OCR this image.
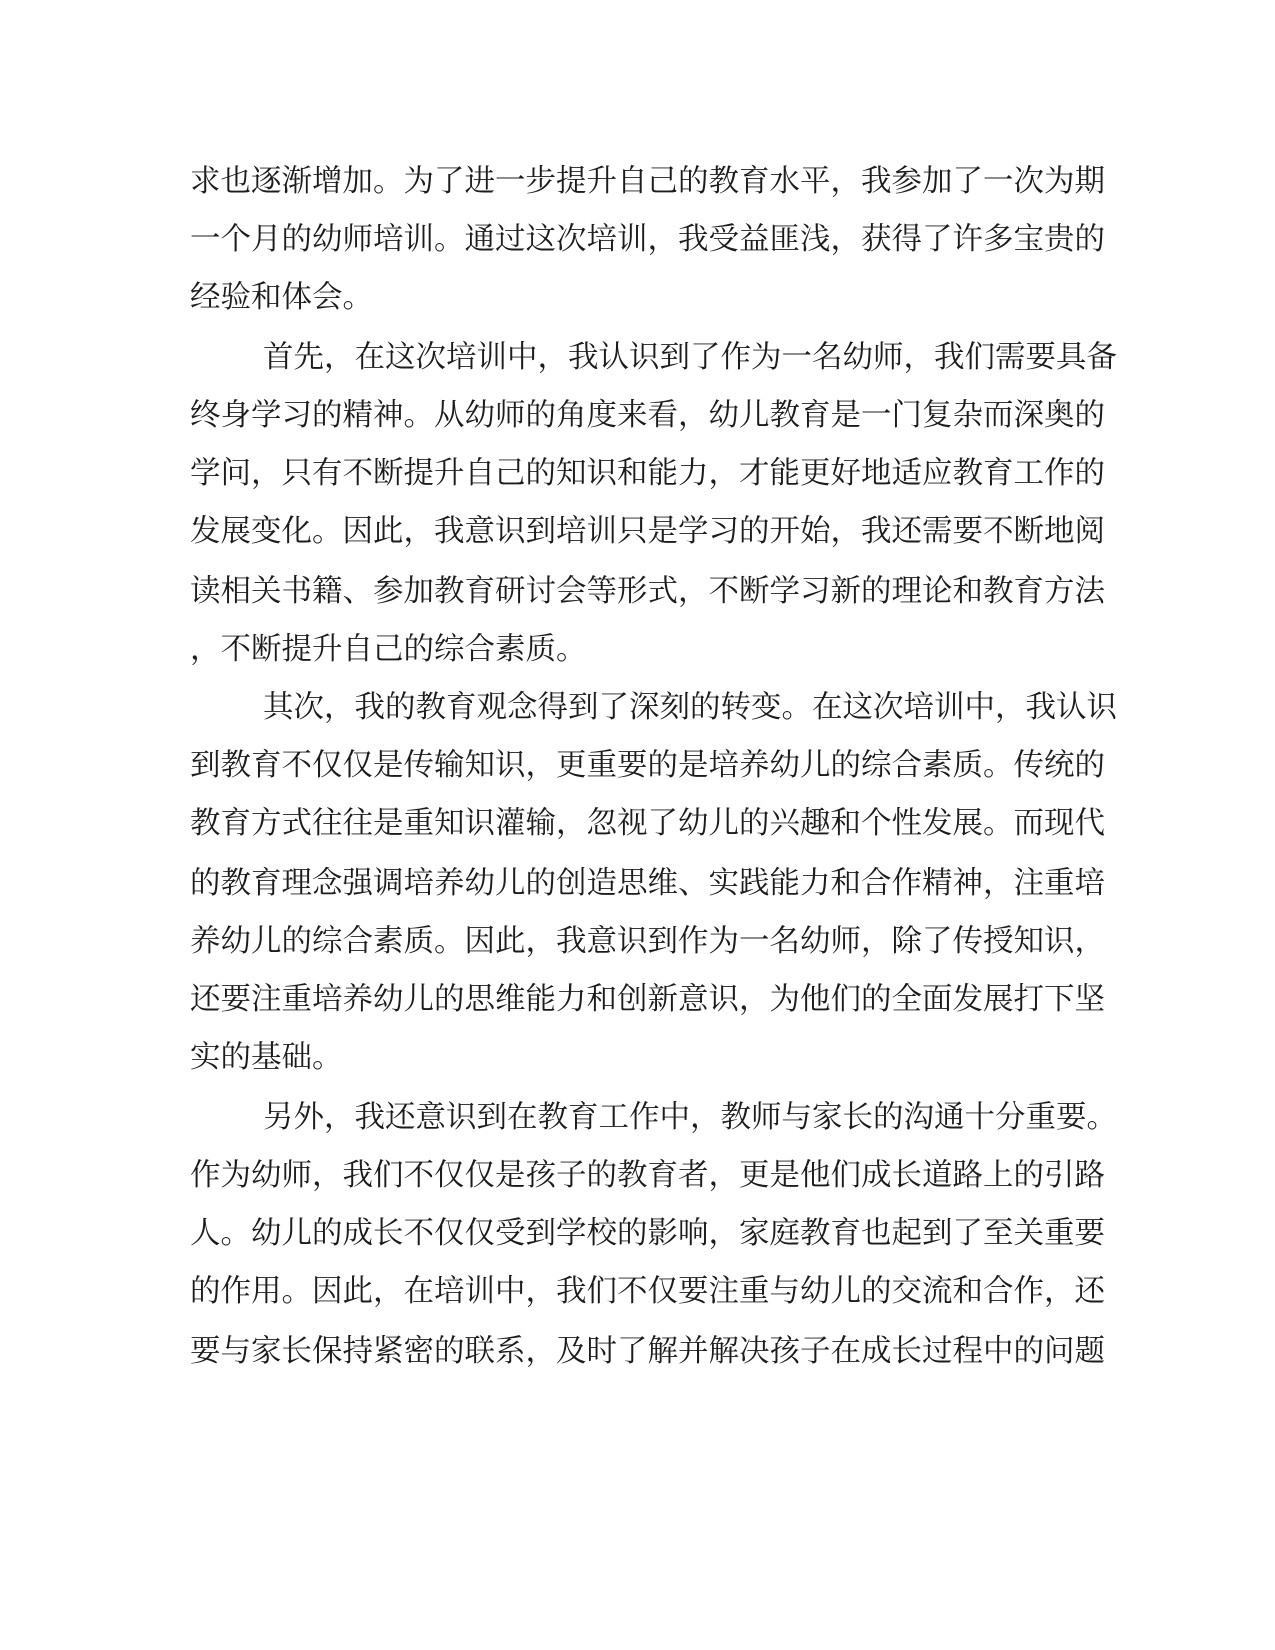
求也逐渐增加。为了进一步提升自己的教育水平，我参加了一次为期
一个月的幼师培训。通过这次培训，我受益匪浅，获得了许多宝贵的
经验和体会。
首先，在这次培训中，我认识到了作为一名幼师，我们需要具备
终身学习的精神。从幼师的角度来看，幼儿教育是一门复杂而深奥的
学问，只有不断提升自己的知识和能力，才能更好地适应教育工作的
发展变化。因此，我意识到培训只是学习的开始，我还需要不断地阅
读相关书籍、参加教育研讨会等形式，不断学习新的理论和教育方法
，不断提升自己的综合素质。
其次，我的教育观念得到了深刻的转变。在这次培训中，我认识
到教育不仅仅是传输知识，更重要的是培养幼儿的综合素质。传统的
教育方式往往是重知识灌输，忽视了幼儿的兴趣和个性发展。而现代
的教育理念强调培养幼儿的创造思维、实践能力和合作精神，注重培
养幼儿的综合素质。因此，我意识到作为一名幼师，除了传授知识，
还要注重培养幼儿的思维能力和创新意识，为他们的全面发展打下坚
实的基础。
另外，我还意识到在教育工作中，教师与家长的沟通十分重要。
作为幼师，我们不仅仅是孩子的教育者，更是他们成长道路上的引路
人。幼儿的成长不仅仅受到学校的影响，家庭教育也起到了至关重要
的作用。因此，在培训中，我们不仅要注重与幼儿的交流和合作，还
要与家长保持紧密的联系，及时了解并解决孩子在成长过程中的问题
